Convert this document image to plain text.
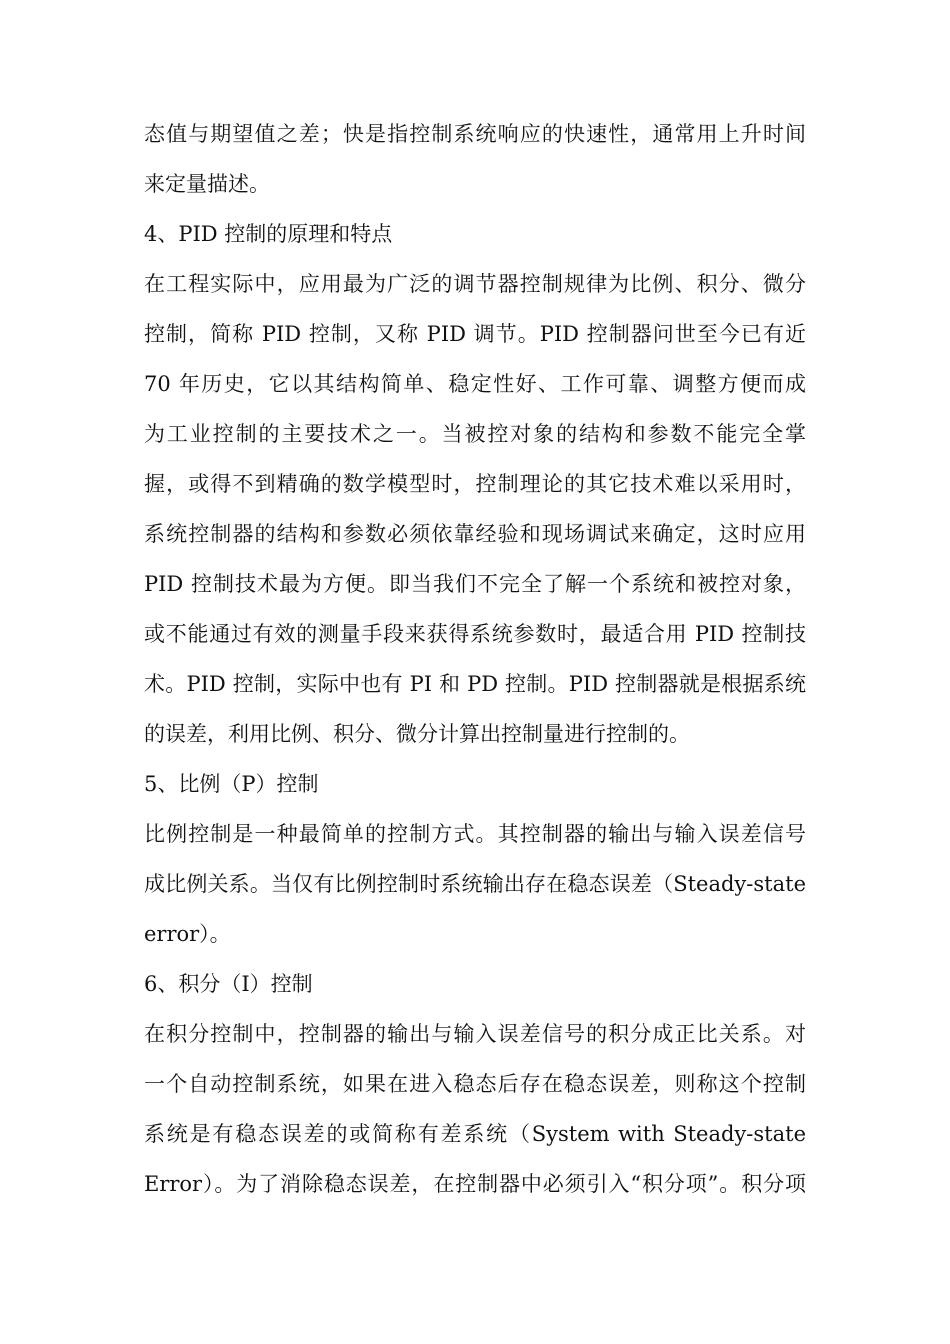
态值与期望值之差；快是指控制系统响应的快速性，通常用上升时间
来定量描述。
4、PID 控制的原理和特点
在工程实际中，应用最为广泛的调节器控制规律为比例、积分、微分
控制，简称 PID 控制，又称 PID 调节。PID 控制器问世至今已有近
70 年历史，它以其结构简单、稳定性好、工作可靠、调整方便而成
为工业控制的主要技术之一。当被控对象的结构和参数不能完全掌
握，或得不到精确的数学模型时，控制理论的其它技术难以采用时，
系统控制器的结构和参数必须依靠经验和现场调试来确定，这时应用
PID 控制技术最为方便。即当我们不完全了解一个系统和被控对象，
或不能通过有效的测量手段来获得系统参数时，最适合用 PID 控制技
术。PID 控制，实际中也有 PI 和 PD 控制。PID 控制器就是根据系统
的误差，利用比例、积分、微分计算出控制量进行控制的。
5、比例（P）控制
比例控制是一种最简单的控制方式。其控制器的输出与输入误差信号
成比例关系。当仅有比例控制时系统输出存在稳态误差（Steady-state
error）。
6、积分（I）控制
在积分控制中，控制器的输出与输入误差信号的积分成正比关系。对
一个自动控制系统，如果在进入稳态后存在稳态误差，则称这个控制
系统是有稳态误差的或简称有差系统（System with Steady-state
Error）。为了消除稳态误差，在控制器中必须引入“积分项”。积分项
